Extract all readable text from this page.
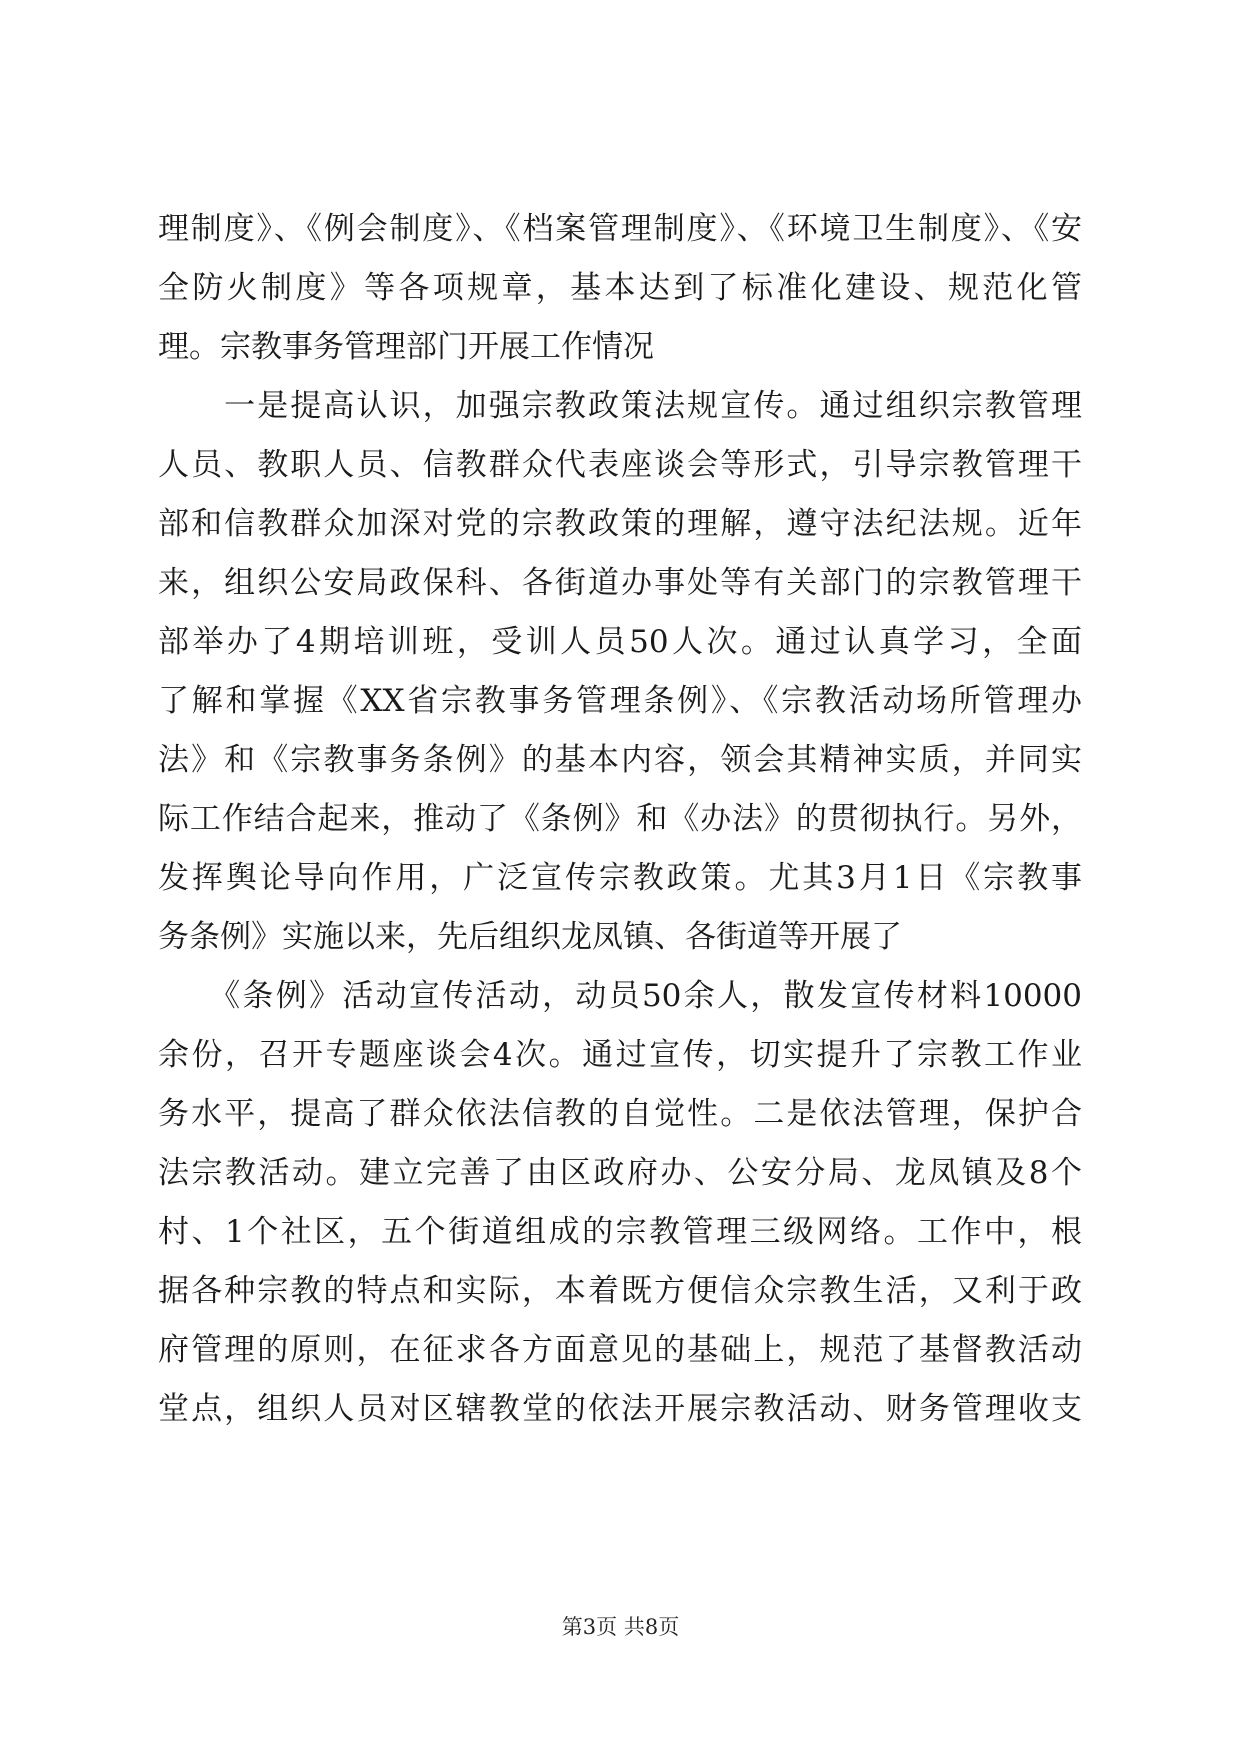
理制度》、《例会制度》、《档案管理制度》、《环境卫生制度》、《安
全防火制度》等各项规章，基本达到了标准化建设、规范化管
理。宗教事务管理部门开展工作情况
　　一是提高认识，加强宗教政策法规宣传。通过组织宗教管理
人员、教职人员、信教群众代表座谈会等形式，引导宗教管理干
部和信教群众加深对党的宗教政策的理解，遵守法纪法规。近年
来，组织公安局政保科、各街道办事处等有关部门的宗教管理干
部举办了4期培训班，受训人员50人次。通过认真学习，全面
了解和掌握《XX省宗教事务管理条例》、《宗教活动场所管理办
法》和《宗教事务条例》的基本内容，领会其精神实质，并同实
际工作结合起来，推动了《条例》和《办法》的贯彻执行。另外，
发挥舆论导向作用，广泛宣传宗教政策。尤其3月1日《宗教事
务条例》实施以来，先后组织龙凤镇、各街道等开展了
　　《条例》活动宣传活动，动员50余人，散发宣传材料10000
余份，召开专题座谈会4次。通过宣传，切实提升了宗教工作业
务水平，提高了群众依法信教的自觉性。二是依法管理，保护合
法宗教活动。建立完善了由区政府办、公安分局、龙凤镇及8个
村、1个社区，五个街道组成的宗教管理三级网络。工作中，根
据各种宗教的特点和实际，本着既方便信众宗教生活，又利于政
府管理的原则，在征求各方面意见的基础上，规范了基督教活动
堂点，组织人员对区辖教堂的依法开展宗教活动、财务管理收支
第3页 共8页
